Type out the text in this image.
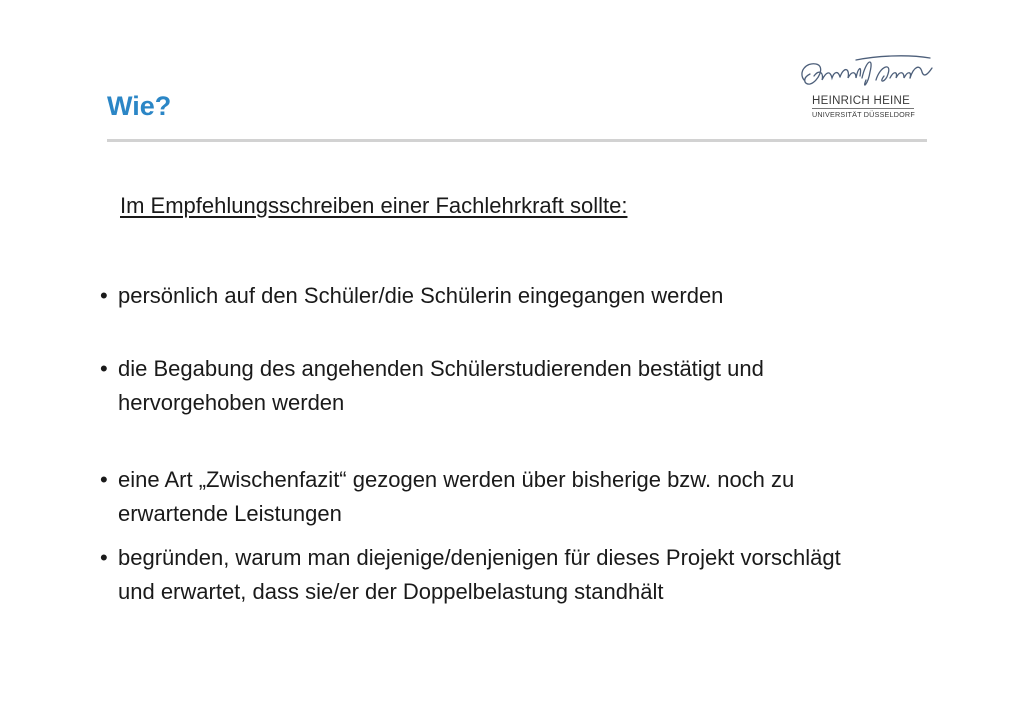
Wie?	HEINRICH HEINE
UNIVERSITÄT DÜSSELDORF
Im Empfehlungsschreiben einer Fachlehrkraft sollte:
• persönlich auf den Schüler/die Schülerin eingegangen werden
• die Begabung des angehenden Schülerstudierenden bestätigt und hervorgehoben werden
• eine Art „Zwischenfazit“ gezogen werden über bisherige bzw. noch zu erwartende Leistungen
• begründen, warum man diejenige/denjenigen für dieses Projekt vorschlägt und erwartet, dass sie/er der Doppelbelastung standhält
